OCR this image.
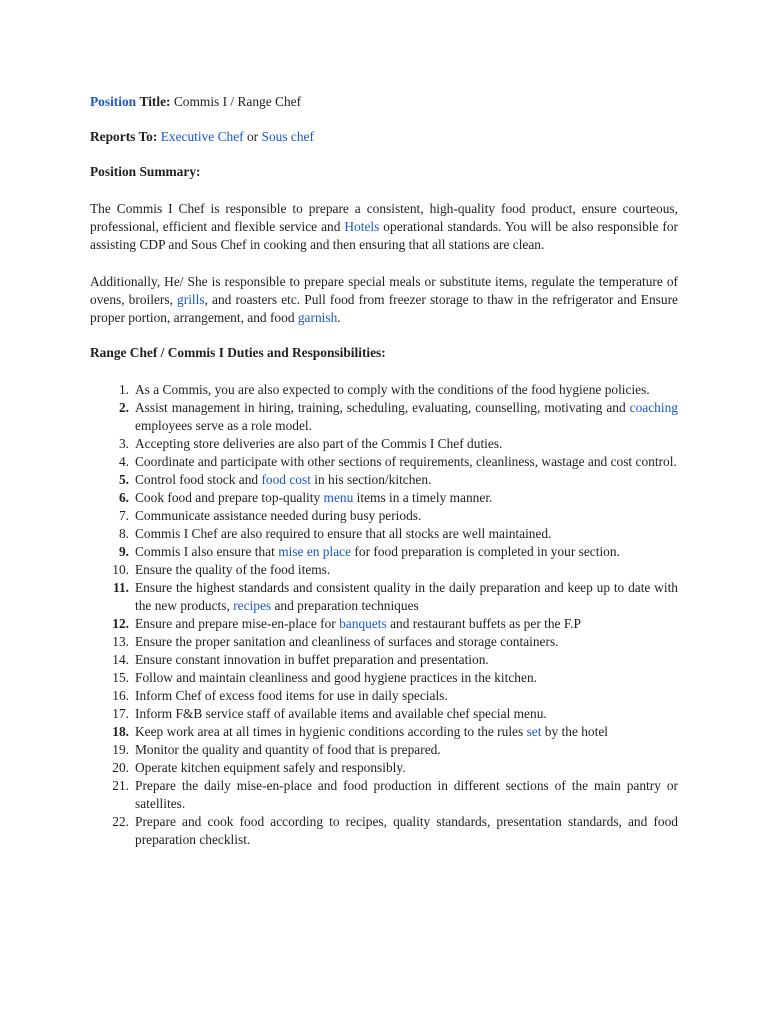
Position Title: Commis I / Range Chef

Reports To: Executive Chef or Sous chef

Position Summary:

The Commis I Chef is responsible to prepare a consistent, high-quality food product, ensure courteous, professional, efficient and flexible service and Hotels operational standards. You will be also responsible for assisting CDP and Sous Chef in cooking and then ensuring that all stations are clean.

Additionally, He/ She is responsible to prepare special meals or substitute items, regulate the temperature of ovens, broilers, grills, and roasters etc. Pull food from freezer storage to thaw in the refrigerator and Ensure proper portion, arrangement, and food garnish.

Range Chef / Commis I Duties and Responsibilities:

1. As a Commis, you are also expected to comply with the conditions of the food hygiene policies.
2. Assist management in hiring, training, scheduling, evaluating, counselling, motivating and coaching employees serve as a role model.
3. Accepting store deliveries are also part of the Commis I Chef duties.
4. Coordinate and participate with other sections of requirements, cleanliness, wastage and cost control.
5. Control food stock and food cost in his section/kitchen.
6. Cook food and prepare top-quality menu items in a timely manner.
7. Communicate assistance needed during busy periods.
8. Commis I Chef are also required to ensure that all stocks are well maintained.
9. Commis I also ensure that mise en place for food preparation is completed in your section.
10. Ensure the quality of the food items.
11. Ensure the highest standards and consistent quality in the daily preparation and keep up to date with the new products, recipes and preparation techniques
12. Ensure and prepare mise-en-place for banquets and restaurant buffets as per the F.P
13. Ensure the proper sanitation and cleanliness of surfaces and storage containers.
14. Ensure constant innovation in buffet preparation and presentation.
15. Follow and maintain cleanliness and good hygiene practices in the kitchen.
16. Inform Chef of excess food items for use in daily specials.
17. Inform F&B service staff of available items and available chef special menu.
18. Keep work area at all times in hygienic conditions according to the rules set by the hotel
19. Monitor the quality and quantity of food that is prepared.
20. Operate kitchen equipment safely and responsibly.
21. Prepare the daily mise-en-place and food production in different sections of the main pantry or satellites.
22. Prepare and cook food according to recipes, quality standards, presentation standards, and food preparation checklist.
